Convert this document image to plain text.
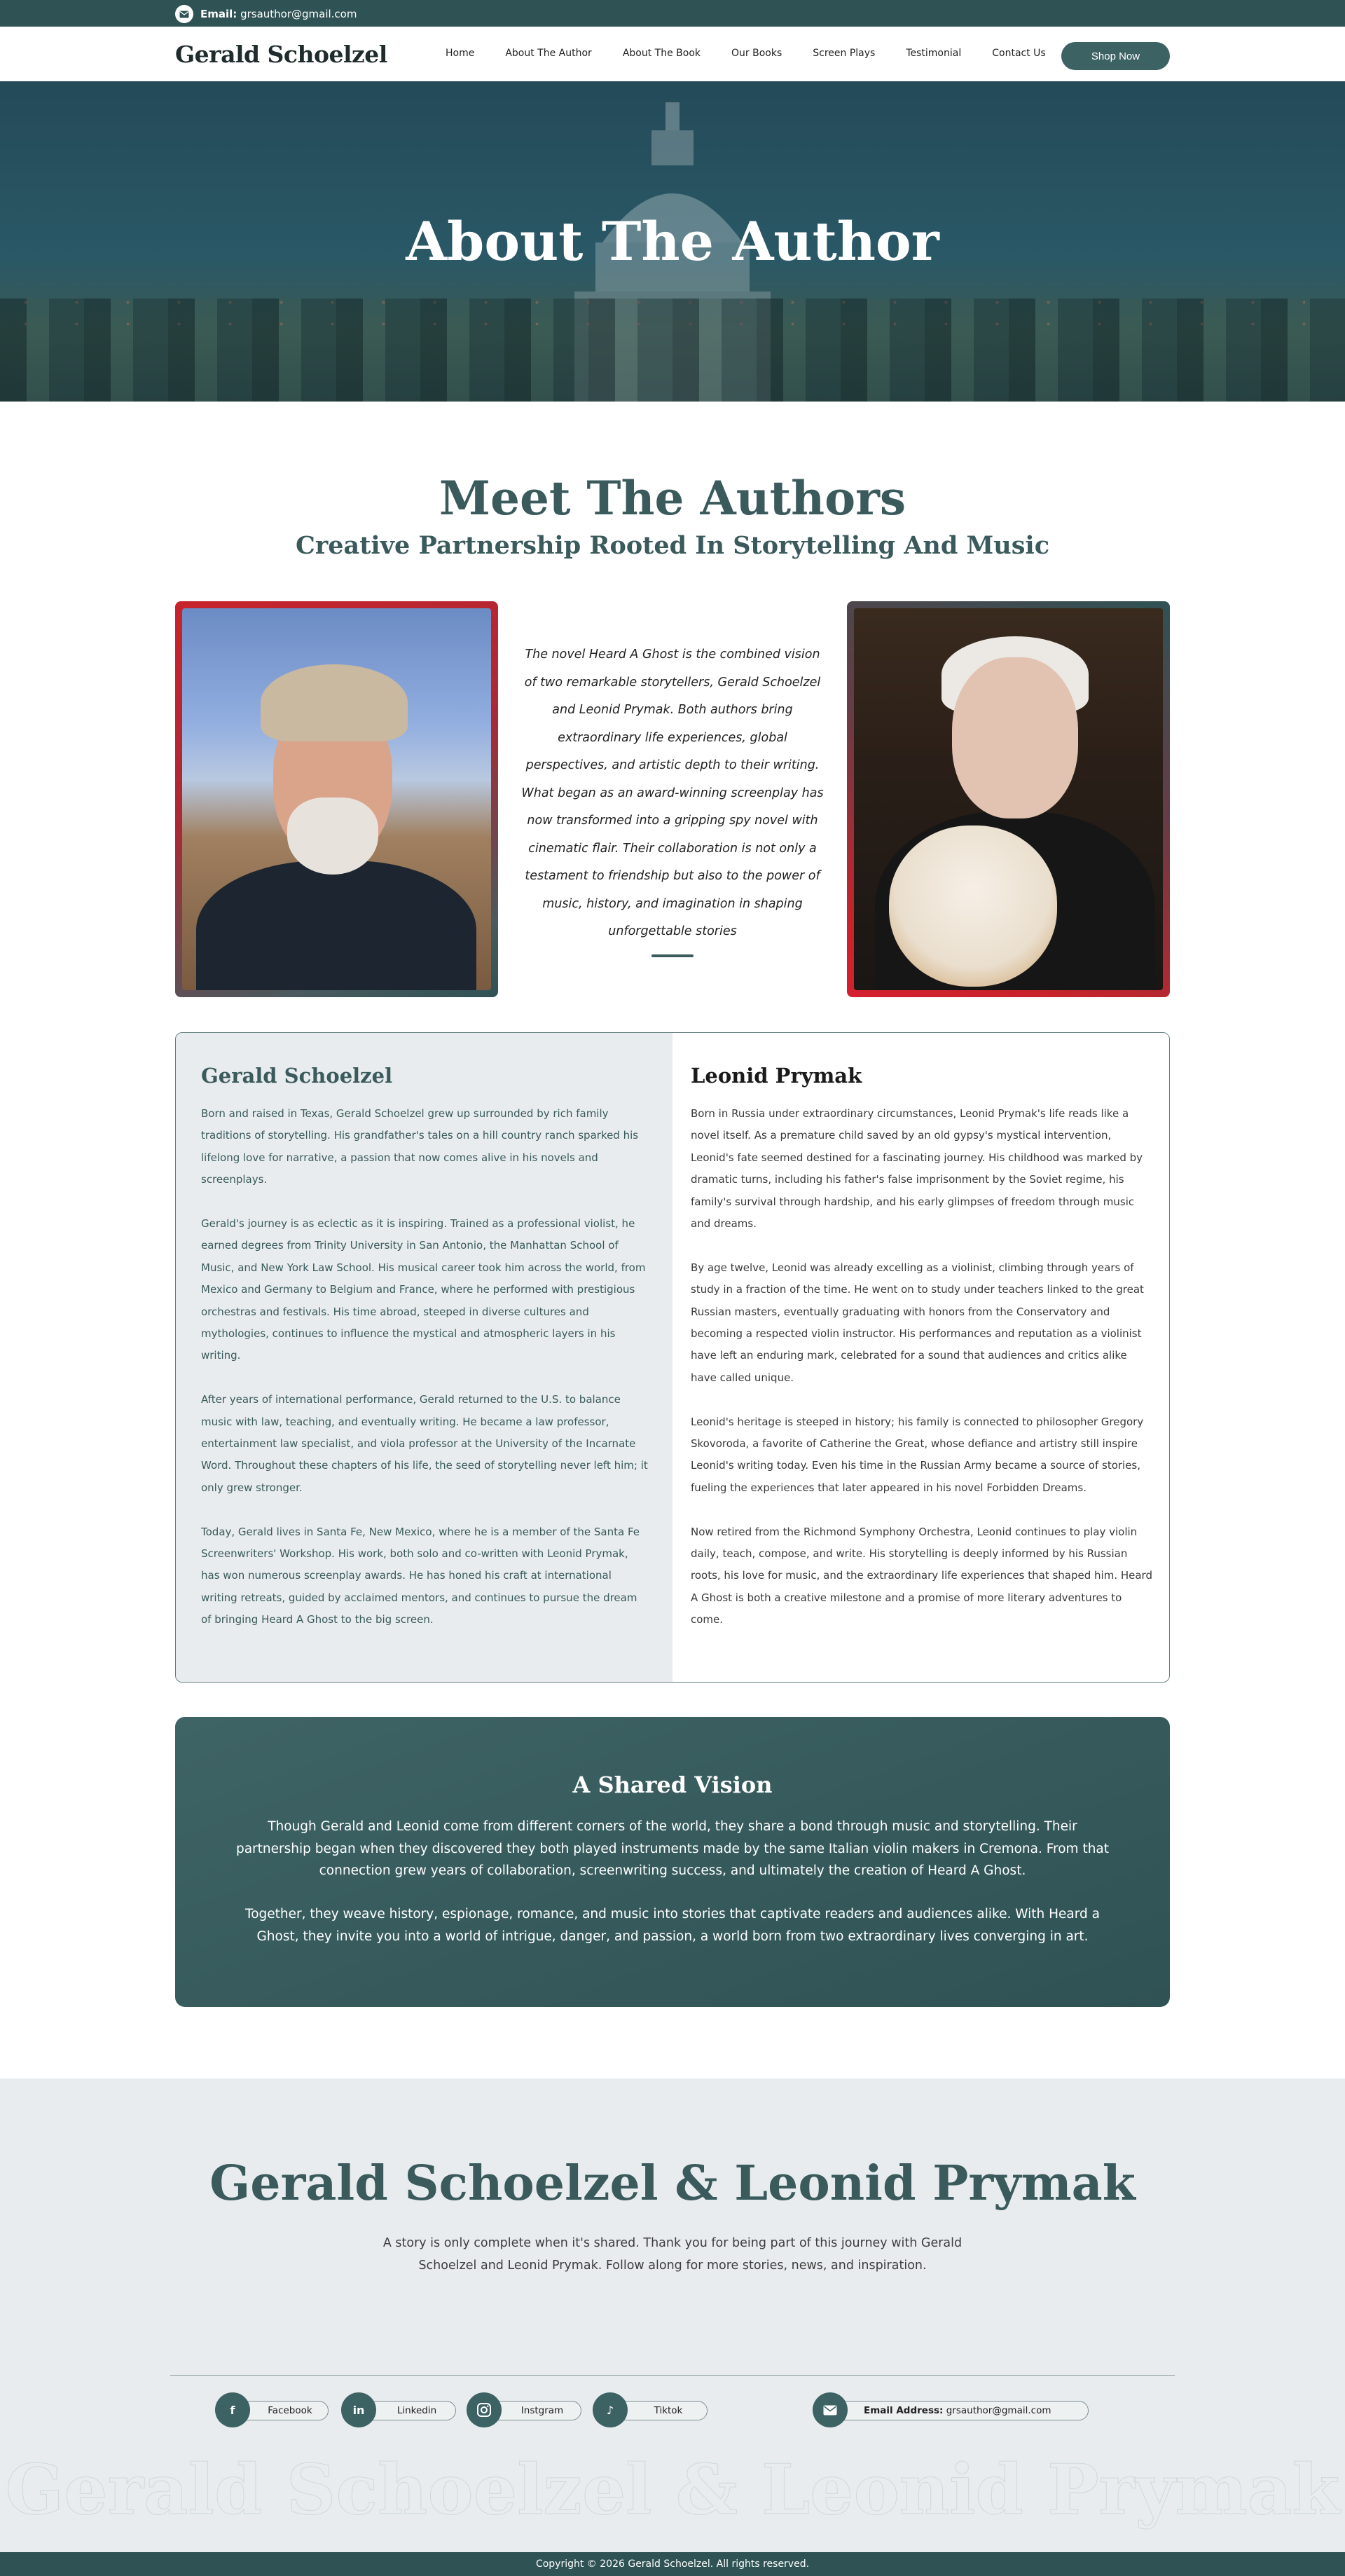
Email: grsauthor@gmail.com
Gerald Schoelzel	Home	About The Author	About The Book	Our Books	Screen Plays	Testimonial	Contact Us	Shop Now
About The Author
Meet The Authors
Creative Partnership Rooted In Storytelling And Music
The novel Heard A Ghost is the combined vision of two remarkable storytellers, Gerald Schoelzel and Leonid Prymak. Both authors bring extraordinary life experiences, global perspectives, and artistic depth to their writing. What began as an award-winning screenplay has now transformed into a gripping spy novel with cinematic flair. Their collaboration is not only a testament to friendship but also to the power of music, history, and imagination in shaping unforgettable stories
Gerald Schoelzel

Born and raised in Texas, Gerald Schoelzel grew up surrounded by rich family traditions of storytelling. His grandfather's tales on a hill country ranch sparked his lifelong love for narrative, a passion that now comes alive in his novels and screenplays.

Gerald's journey is as eclectic as it is inspiring. Trained as a professional violist, he earned degrees from Trinity University in San Antonio, the Manhattan School of Music, and New York Law School. His musical career took him across the world, from Mexico and Germany to Belgium and France, where he performed with prestigious orchestras and festivals. His time abroad, steeped in diverse cultures and mythologies, continues to influence the mystical and atmospheric layers in his writing.

After years of international performance, Gerald returned to the U.S. to balance music with law, teaching, and eventually writing. He became a law professor, entertainment law specialist, and viola professor at the University of the Incarnate Word. Throughout these chapters of his life, the seed of storytelling never left him; it only grew stronger.

Today, Gerald lives in Santa Fe, New Mexico, where he is a member of the Santa Fe Screenwriters' Workshop. His work, both solo and co-written with Leonid Prymak, has won numerous screenplay awards. He has honed his craft at international writing retreats, guided by acclaimed mentors, and continues to pursue the dream of bringing Heard A Ghost to the big screen.

Leonid Prymak

Born in Russia under extraordinary circumstances, Leonid Prymak's life reads like a novel itself. As a premature child saved by an old gypsy's mystical intervention, Leonid's fate seemed destined for a fascinating journey. His childhood was marked by dramatic turns, including his father's false imprisonment by the Soviet regime, his family's survival through hardship, and his early glimpses of freedom through music and dreams.

By age twelve, Leonid was already excelling as a violinist, climbing through years of study in a fraction of the time. He went on to study under teachers linked to the great Russian masters, eventually graduating with honors from the Conservatory and becoming a respected violin instructor. His performances and reputation as a violinist have left an enduring mark, celebrated for a sound that audiences and critics alike have called unique.

Leonid's heritage is steeped in history; his family is connected to philosopher Gregory Skovoroda, a favorite of Catherine the Great, whose defiance and artistry still inspire Leonid's writing today. Even his time in the Russian Army became a source of stories, fueling the experiences that later appeared in his novel Forbidden Dreams.

Now retired from the Richmond Symphony Orchestra, Leonid continues to play violin daily, teach, compose, and write. His storytelling is deeply informed by his Russian roots, his love for music, and the extraordinary life experiences that shaped him. Heard A Ghost is both a creative milestone and a promise of more literary adventures to come.

A Shared Vision

Though Gerald and Leonid come from different corners of the world, they share a bond through music and storytelling. Their partnership began when they discovered they both played instruments made by the same Italian violin makers in Cremona. From that connection grew years of collaboration, screenwriting success, and ultimately the creation of Heard A Ghost.

Together, they weave history, espionage, romance, and music into stories that captivate readers and audiences alike. With Heard a Ghost, they invite you into a world of intrigue, danger, and passion, a world born from two extraordinary lives converging in art.

Gerald Schoelzel & Leonid Prymak
A story is only complete when it's shared. Thank you for being part of this journey with Gerald Schoelzel and Leonid Prymak. Follow along for more stories, news, and inspiration.
f	Facebook	in	Linkedin	Instgram	♪	Tiktok	Email Address:
grsauthor@gmail.com
Gerald Schoelzel & Leonid Prymak
Copyright © 2026 Gerald Schoelzel. All rights reserved.
